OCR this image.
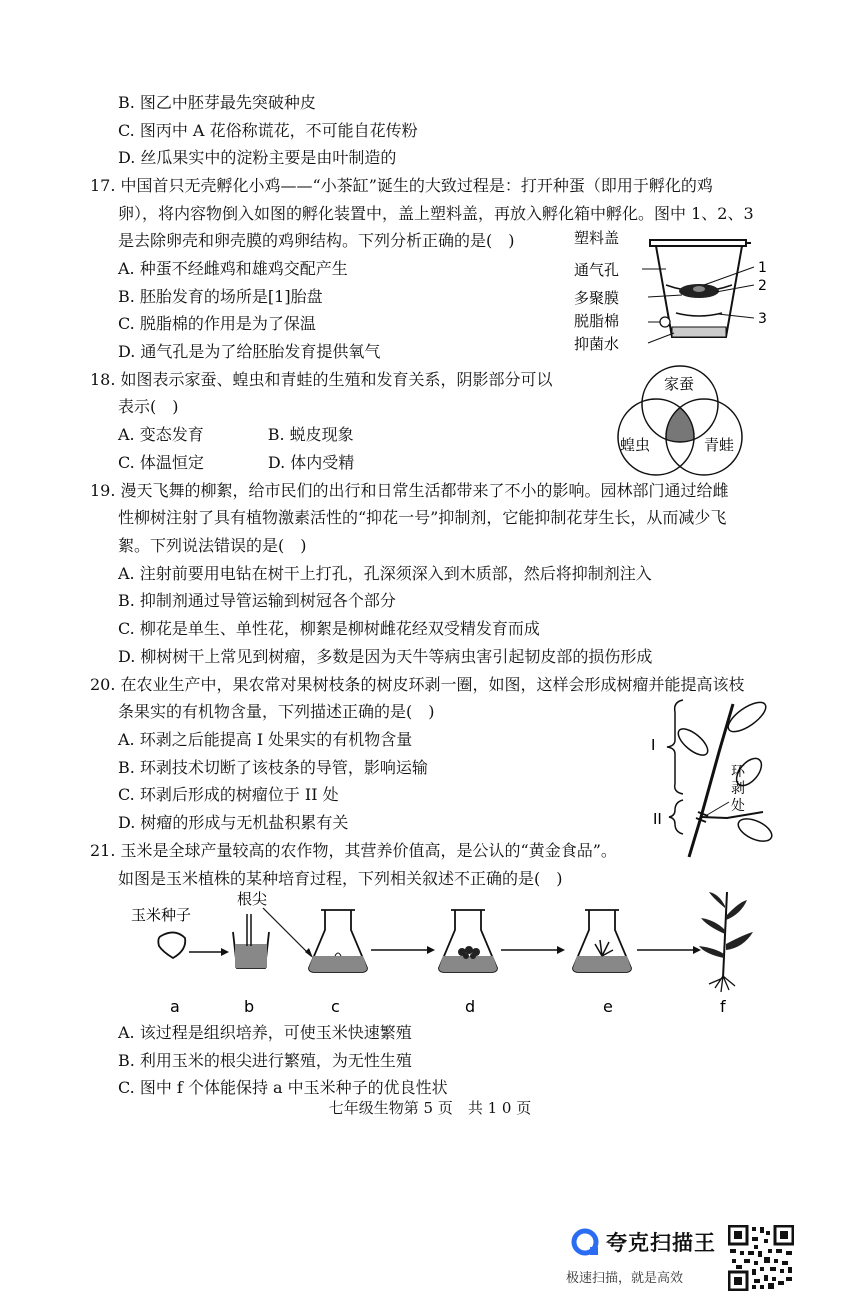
B. 图乙中胚芽最先突破种皮
C. 图丙中 A 花俗称谎花，不可能自花传粉
D. 丝瓜果实中的淀粉主要是由叶制造的
17. 中国首只无壳孵化小鸡——“小茶缸”诞生的大致过程是：打开种蛋（即用于孵化的鸡
卵），将内容物倒入如图的孵化装置中，盖上塑料盖，再放入孵化箱中孵化。图中 1、2、3
是去除卵壳和卵壳膜的鸡卵结构。下列分析正确的是(　)
A. 种蛋不经雌鸡和雄鸡交配产生
B. 胚胎发育的场所是[1]胎盘
C. 脱脂棉的作用是为了保温
D. 通气孔是为了给胚胎发育提供氧气
18. 如图表示家蚕、蝗虫和青蛙的生殖和发育关系，阴影部分可以
表示(　)
A. 变态发育　　　　B. 蜕皮现象
C. 体温恒定　　　　D. 体内受精
19. 漫天飞舞的柳絮，给市民们的出行和日常生活都带来了不小的影响。园林部门通过给雌
性柳树注射了具有植物激素活性的“抑花一号”抑制剂，它能抑制花芽生长，从而减少飞
絮。下列说法错误的是(　)
A. 注射前要用电钻在树干上打孔，孔深须深入到木质部，然后将抑制剂注入
B. 抑制剂通过导管运输到树冠各个部分
C. 柳花是单生、单性花，柳絮是柳树雌花经双受精发育而成
D. 柳树树干上常见到树瘤，多数是因为天牛等病虫害引起韧皮部的损伤形成
20. 在农业生产中，果农常对果树枝条的树皮环剥一圈，如图，这样会形成树瘤并能提高该枝
条果实的有机物含量，下列描述正确的是(　)
A. 环剥之后能提高 I 处果实的有机物含量
B. 环剥技术切断了该枝条的导管，影响运输
C. 环剥后形成的树瘤位于 II 处
D. 树瘤的形成与无机盐积累有关
21. 玉米是全球产量较高的农作物，其营养价值高，是公认的“黄金食品”。
如图是玉米植株的某种培育过程，下列相关叙述不正确的是(　)
A. 该过程是组织培养，可使玉米快速繁殖
B. 利用玉米的根尖进行繁殖，为无性生殖
C. 图中 f 个体能保持 a 中玉米种子的优良性状
塑料盖
通气孔
多聚膜
脱脂棉
抑菌水
1
2
3
家蚕
蝗虫	青蛙
I
II
环
剥
处
玉米种子
根尖
a	b	c	d	e	f
七年级生物第 5 页　共 1 0 页
夸克扫描王
极速扫描，就是高效
